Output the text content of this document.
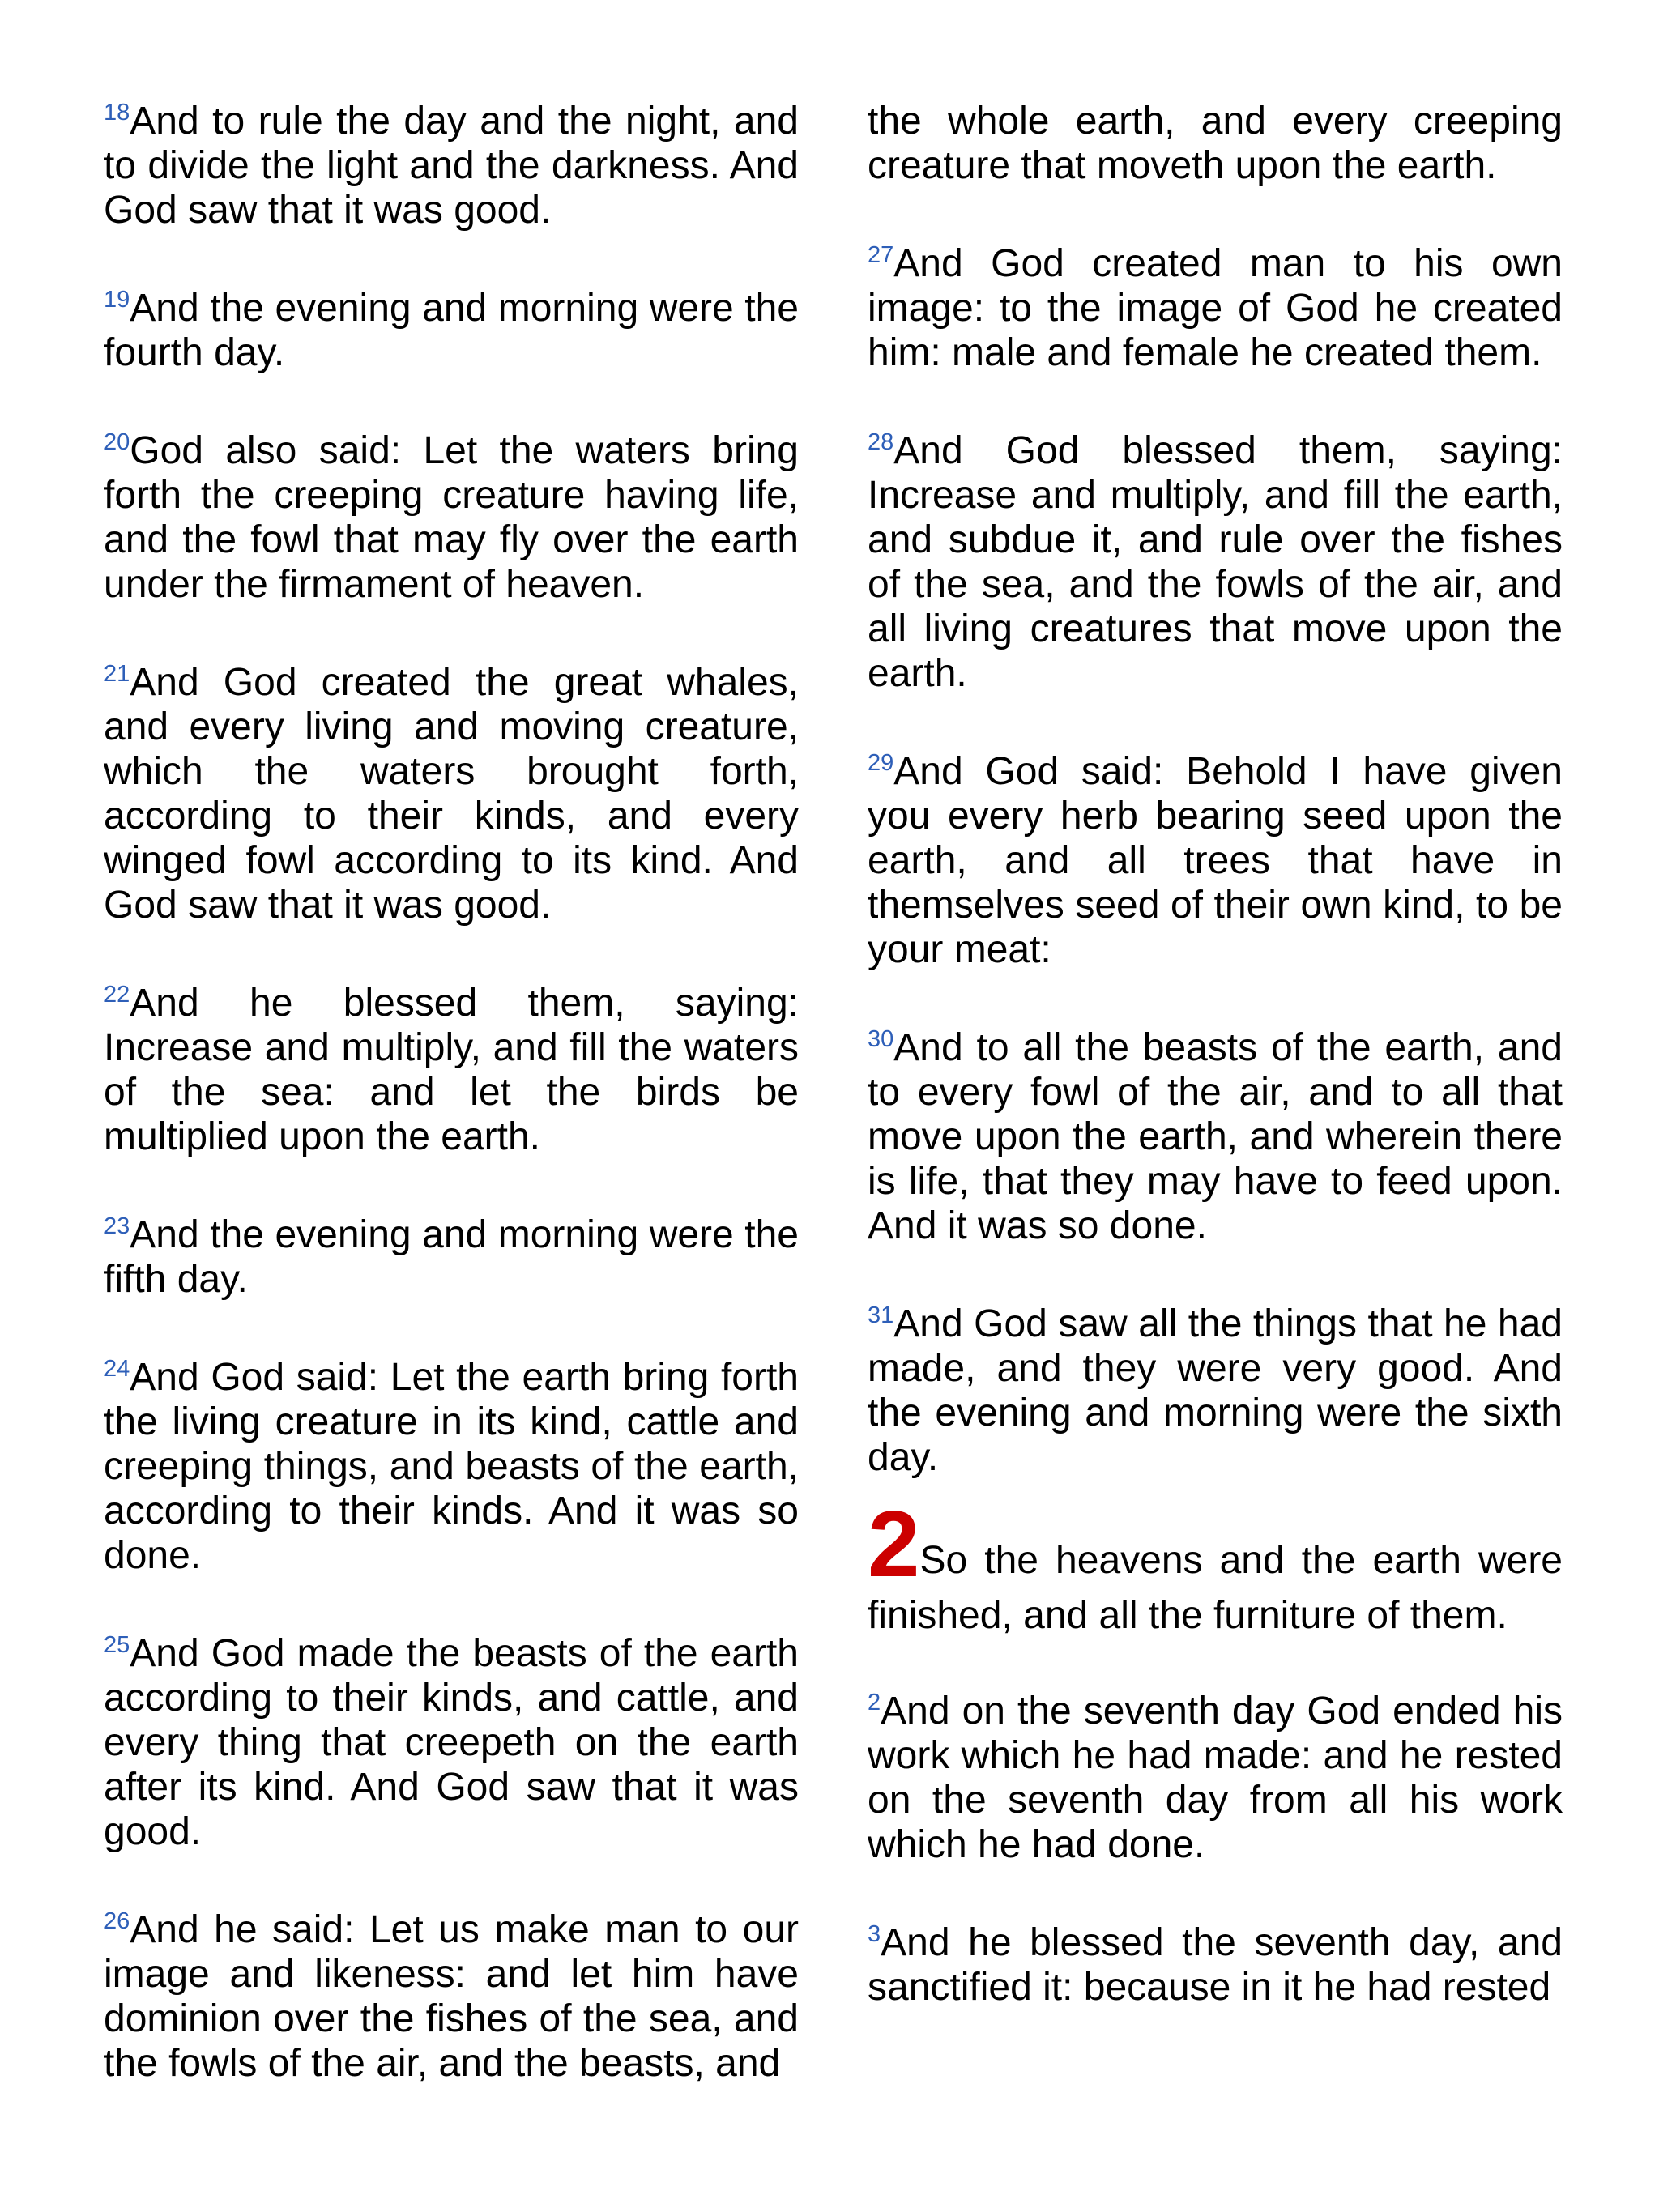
$^{18}$And to rule the day and the night, and to divide the light and the darkness. And God saw that it was good.

$^{19}$And the evening and morning were the fourth day.

$^{20}$God also said: Let the waters bring forth the creeping creature having life, and the fowl that may fly over the earth under the firmament of heaven.

$^{21}$And God created the great whales, and every living and moving creature, which the waters brought forth, according to their kinds, and every winged fowl according to its kind. And God saw that it was good.

$^{22}$And he blessed them, saying: Increase and multiply, and fill the waters of the sea: and let the birds be multiplied upon the earth.

$^{23}$And the evening and morning were the fifth day.

$^{24}$And God said: Let the earth bring forth the living creature in its kind, cattle and creeping things, and beasts of the earth, according to their kinds. And it was so done.

$^{25}$And God made the beasts of the earth according to their kinds, and cattle, and every thing that creepeth on the earth after its kind. And God saw that it was good.

$^{26}$And he said: Let us make man to our image and likeness: and let him have dominion over the fishes of the sea, and the fowls of the air, and the beasts, and

the whole earth, and every creeping creature that moveth upon the earth.

$^{27}$And God created man to his own image: to the image of God he created him: male and female he created them.

$^{28}$And God blessed them, saying: Increase and multiply, and fill the earth, and subdue it, and rule over the fishes of the sea, and the fowls of the air, and all living creatures that move upon the earth.

$^{29}$And God said: Behold I have given you every herb bearing seed upon the earth, and all trees that have in themselves seed of their own kind, to be your meat:

$^{30}$And to all the beasts of the earth, and to every fowl of the air, and to all that move upon the earth, and wherein there is life, that they may have to feed upon. And it was so done.

$^{31}$And God saw all the things that he had made, and they were very good. And the evening and morning were the sixth day.

2So the heavens and the earth were finished, and all the furniture of them.

$^2$And on the seventh day God ended his work which he had made: and he rested on the seventh day from all his work which he had done.

$^3$And he blessed the seventh day, and sanctified it: because in it he had rested
